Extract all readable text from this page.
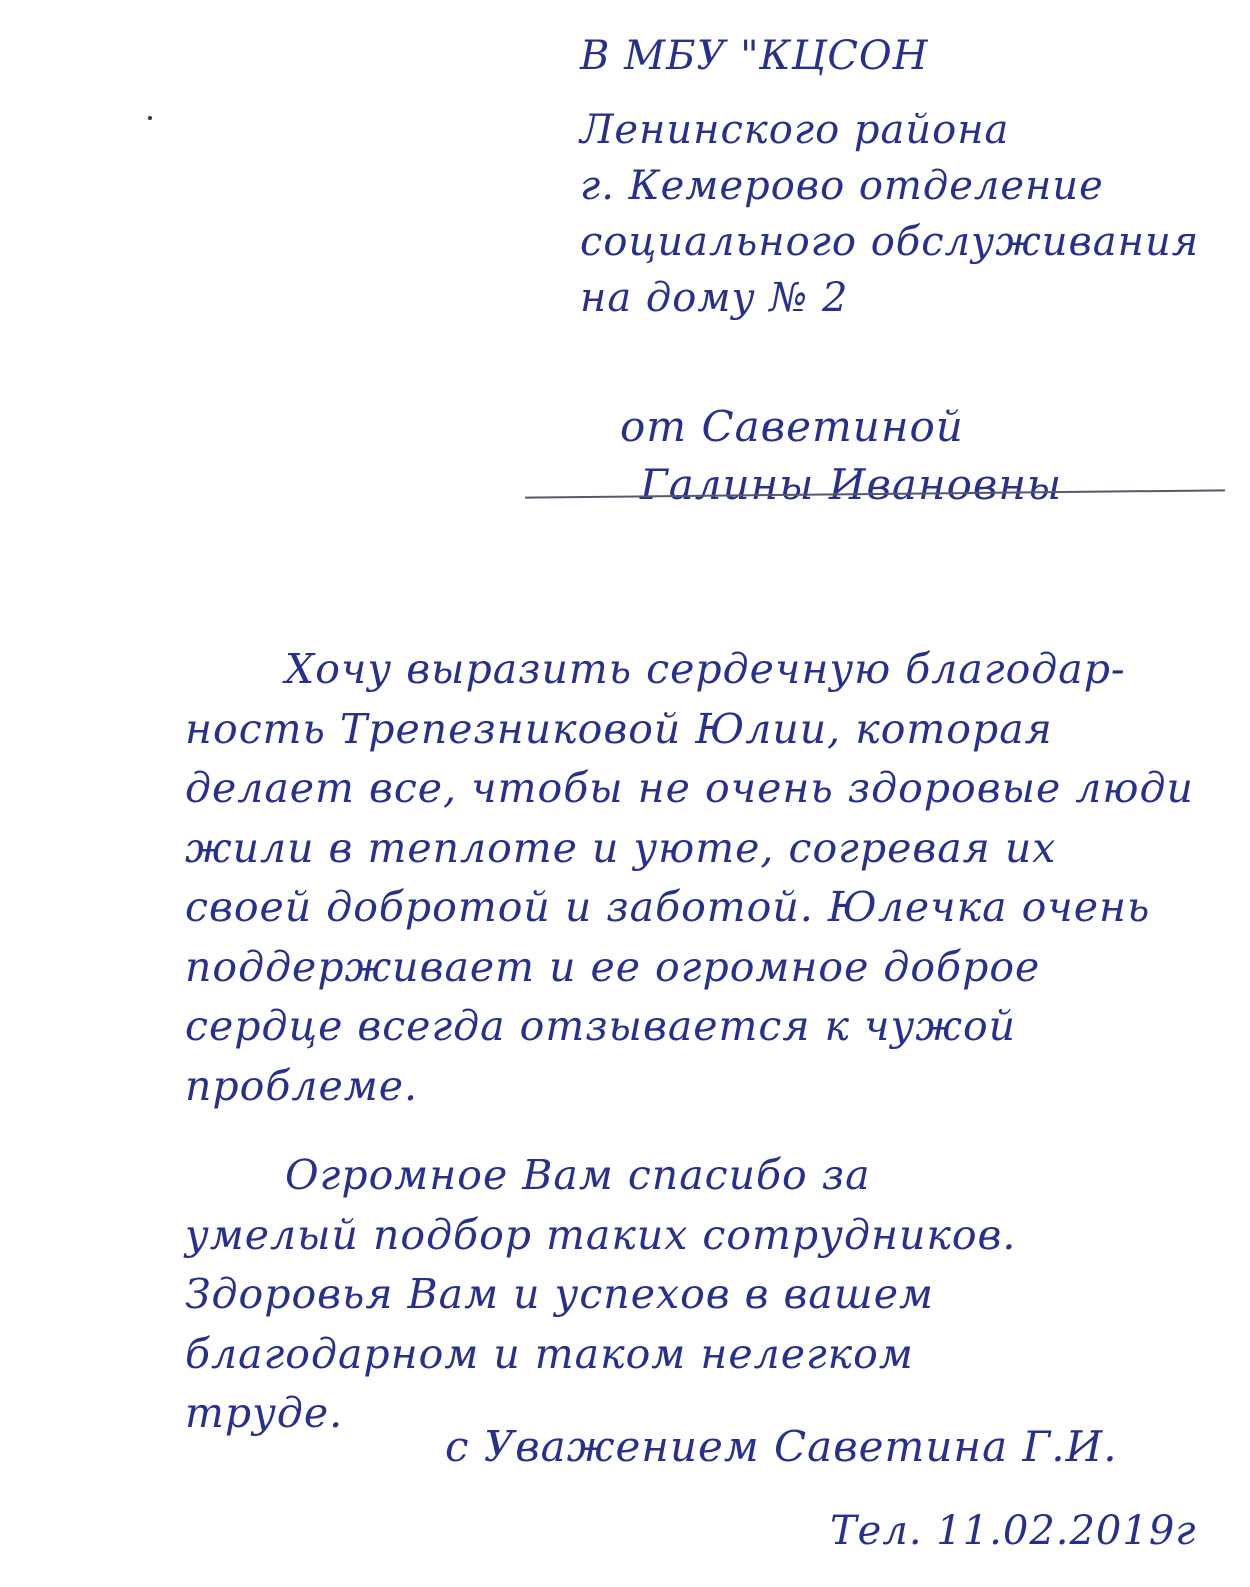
В МБУ "КЦСОН
Ленинского района
г. Кемерово отделение
социального обслуживания
на дому № 2
от Саветиной
Галины Ивановны
Хочу выразить сердечную благодар-
ность Трепезниковой Юлии, которая
делает все, чтобы не очень здоровые люди
жили в теплоте и уюте, согревая их
своей добротой и заботой. Юлечка очень
поддерживает и ее огромное доброе
сердце всегда отзывается к чужой
проблеме.
Огромное Вам спасибо за
умелый подбор таких сотрудников.
Здоровья Вам и успехов в вашем
благодарном и таком нелегком
труде.
с Уважением Саветина Г.И.
Тел. 11.02.2019г
